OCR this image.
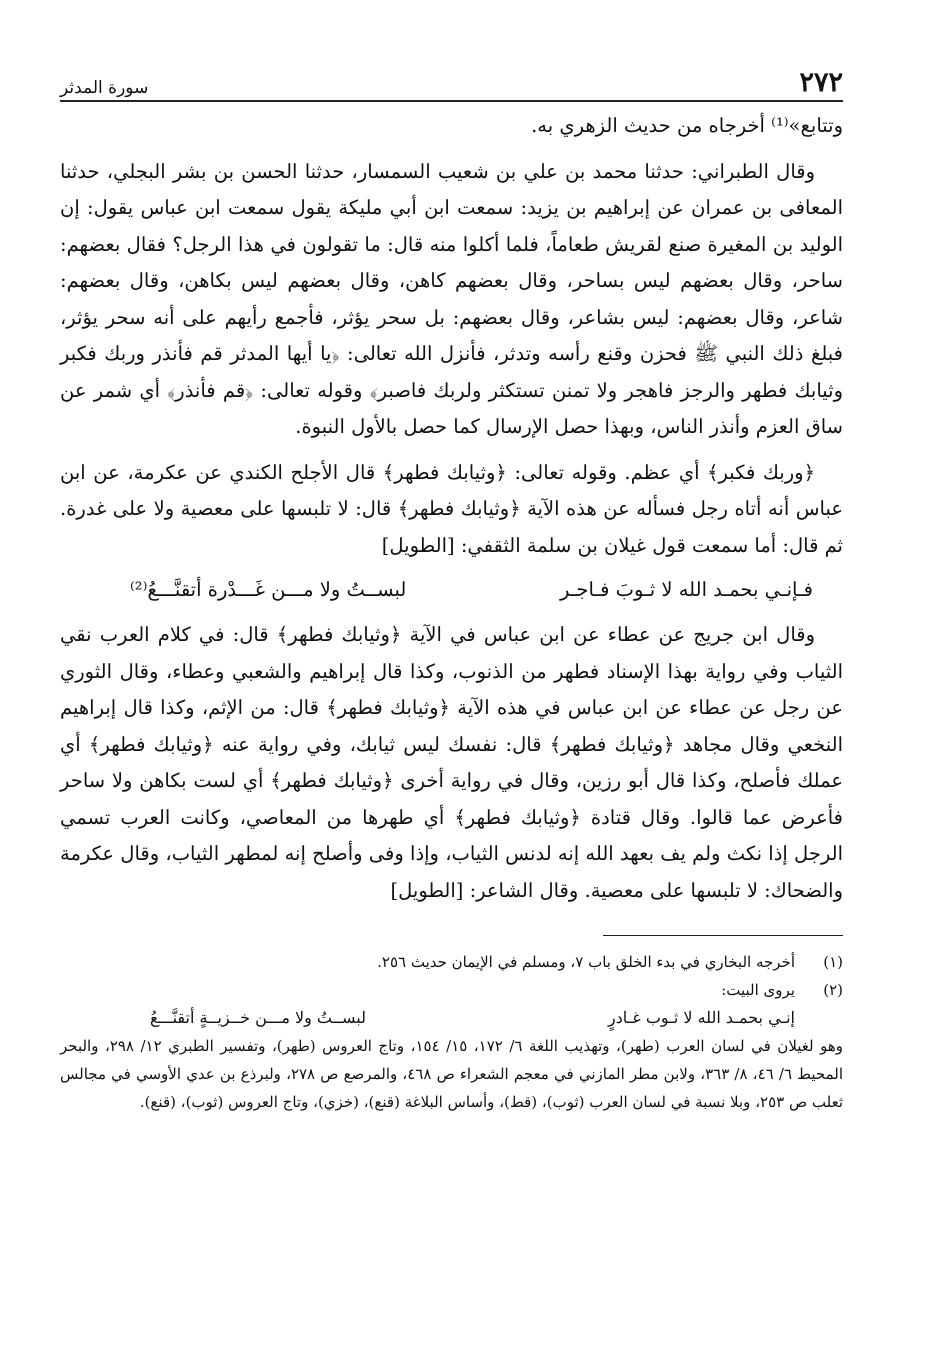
٢٧٢
سورة المدثر

وتتابع»⁽¹⁾ أخرجاه من حديث الزهري به.

وقال الطبراني: حدثنا محمد بن علي بن شعيب السمسار، حدثنا الحسن بن بشر البجلي، حدثنا المعافى بن عمران عن إبراهيم بن يزيد: سمعت ابن أبي مليكة يقول سمعت ابن عباس يقول: إن الوليد بن المغيرة صنع لقريش طعاماً، فلما أكلوا منه قال: ما تقولون في هذا الرجل؟ فقال بعضهم: ساحر، وقال بعضهم ليس بساحر، وقال بعضهم كاهن، وقال بعضهم ليس بكاهن، وقال بعضهم: شاعر، وقال بعضهم: ليس بشاعر، وقال بعضهم: بل سحر يؤثر، فأجمع رأيهم على أنه سحر يؤثر، فبلغ ذلك النبي ﷺ فحزن وقنع رأسه وتدثر، فأنزل الله تعالى: ﴿يا أيها المدثر قم فأنذر وربك فكبر وثيابك فطهر والرجز فاهجر ولا تمنن تستكثر ولربك فاصبر﴾ وقوله تعالى: ﴿قم فأنذر﴾ أي شمر عن ساق العزم وأنذر الناس، وبهذا حصل الإرسال كما حصل بالأول النبوة.

﴿وربك فكبر﴾ أي عظم. وقوله تعالى: ﴿وثيابك فطهر﴾ قال الأجلح الكندي عن عكرمة، عن ابن عباس أنه أتاه رجل فسأله عن هذه الآية ﴿وثيابك فطهر﴾ قال: لا تلبسها على معصية ولا على غدرة. ثم قال: أما سمعت قول غيلان بن سلمة الثقفي: [الطويل]

فـإنـي بحمـد الله لا ثـوبَ فـاجـر
لبســتُ ولا مـــن غَـــدْرة أتقنَّـــعُ⁽²⁾

وقال ابن جريج عن عطاء عن ابن عباس في الآية ﴿وثيابك فطهر﴾ قال: في كلام العرب نقي الثياب وفي رواية بهذا الإسناد فطهر من الذنوب، وكذا قال إبراهيم والشعبي وعطاء، وقال الثوري عن رجل عن عطاء عن ابن عباس في هذه الآية ﴿وثيابك فطهر﴾ قال: من الإثم، وكذا قال إبراهيم النخعي وقال مجاهد ﴿وثيابك فطهر﴾ قال: نفسك ليس ثيابك، وفي رواية عنه ﴿وثيابك فطهر﴾ أي عملك فأصلح، وكذا قال أبو رزين، وقال في رواية أخرى ﴿وثيابك فطهر﴾ أي لست بكاهن ولا ساحر فأعرض عما قالوا. وقال قتادة ﴿وثيابك فطهر﴾ أي طهرها من المعاصي، وكانت العرب تسمي الرجل إذا نكث ولم يف بعهد الله إنه لدنس الثياب، وإذا وفى وأصلح إنه لمطهر الثياب، وقال عكرمة والضحاك: لا تلبسها على معصية. وقال الشاعر: [الطويل]

(١)
أخرجه البخاري في بدء الخلق باب ٧، ومسلم في الإيمان حديث ٢٥٦.
(٢)
يروى البيت:
إنـي بحمـد الله لا ثـوب غـادرٍ
لبســتُ ولا مـــن خــزيــةٍ أتقنَّـــعُ
وهو لغيلان في لسان العرب (طهر)، وتهذيب اللغة ٦/ ١٧٢، ١٥/ ١٥٤، وتاج العروس (طهر)، وتفسير الطبري ١٢/ ٢٩٨، والبحر المحيط ٦/ ٤٦، ٨/ ٣٦٣، ولابن مطر المازني في معجم الشعراء ص ٤٦٨، والمرصع ص ٢٧٨، ولبرذع بن عدي الأوسي في مجالس ثعلب ص ٢٥٣، وبلا نسبة في لسان العرب (ثوب)، (قط)، وأساس البلاغة (قنع)، (خزي)، وتاج العروس (ثوب)، (قنع).
